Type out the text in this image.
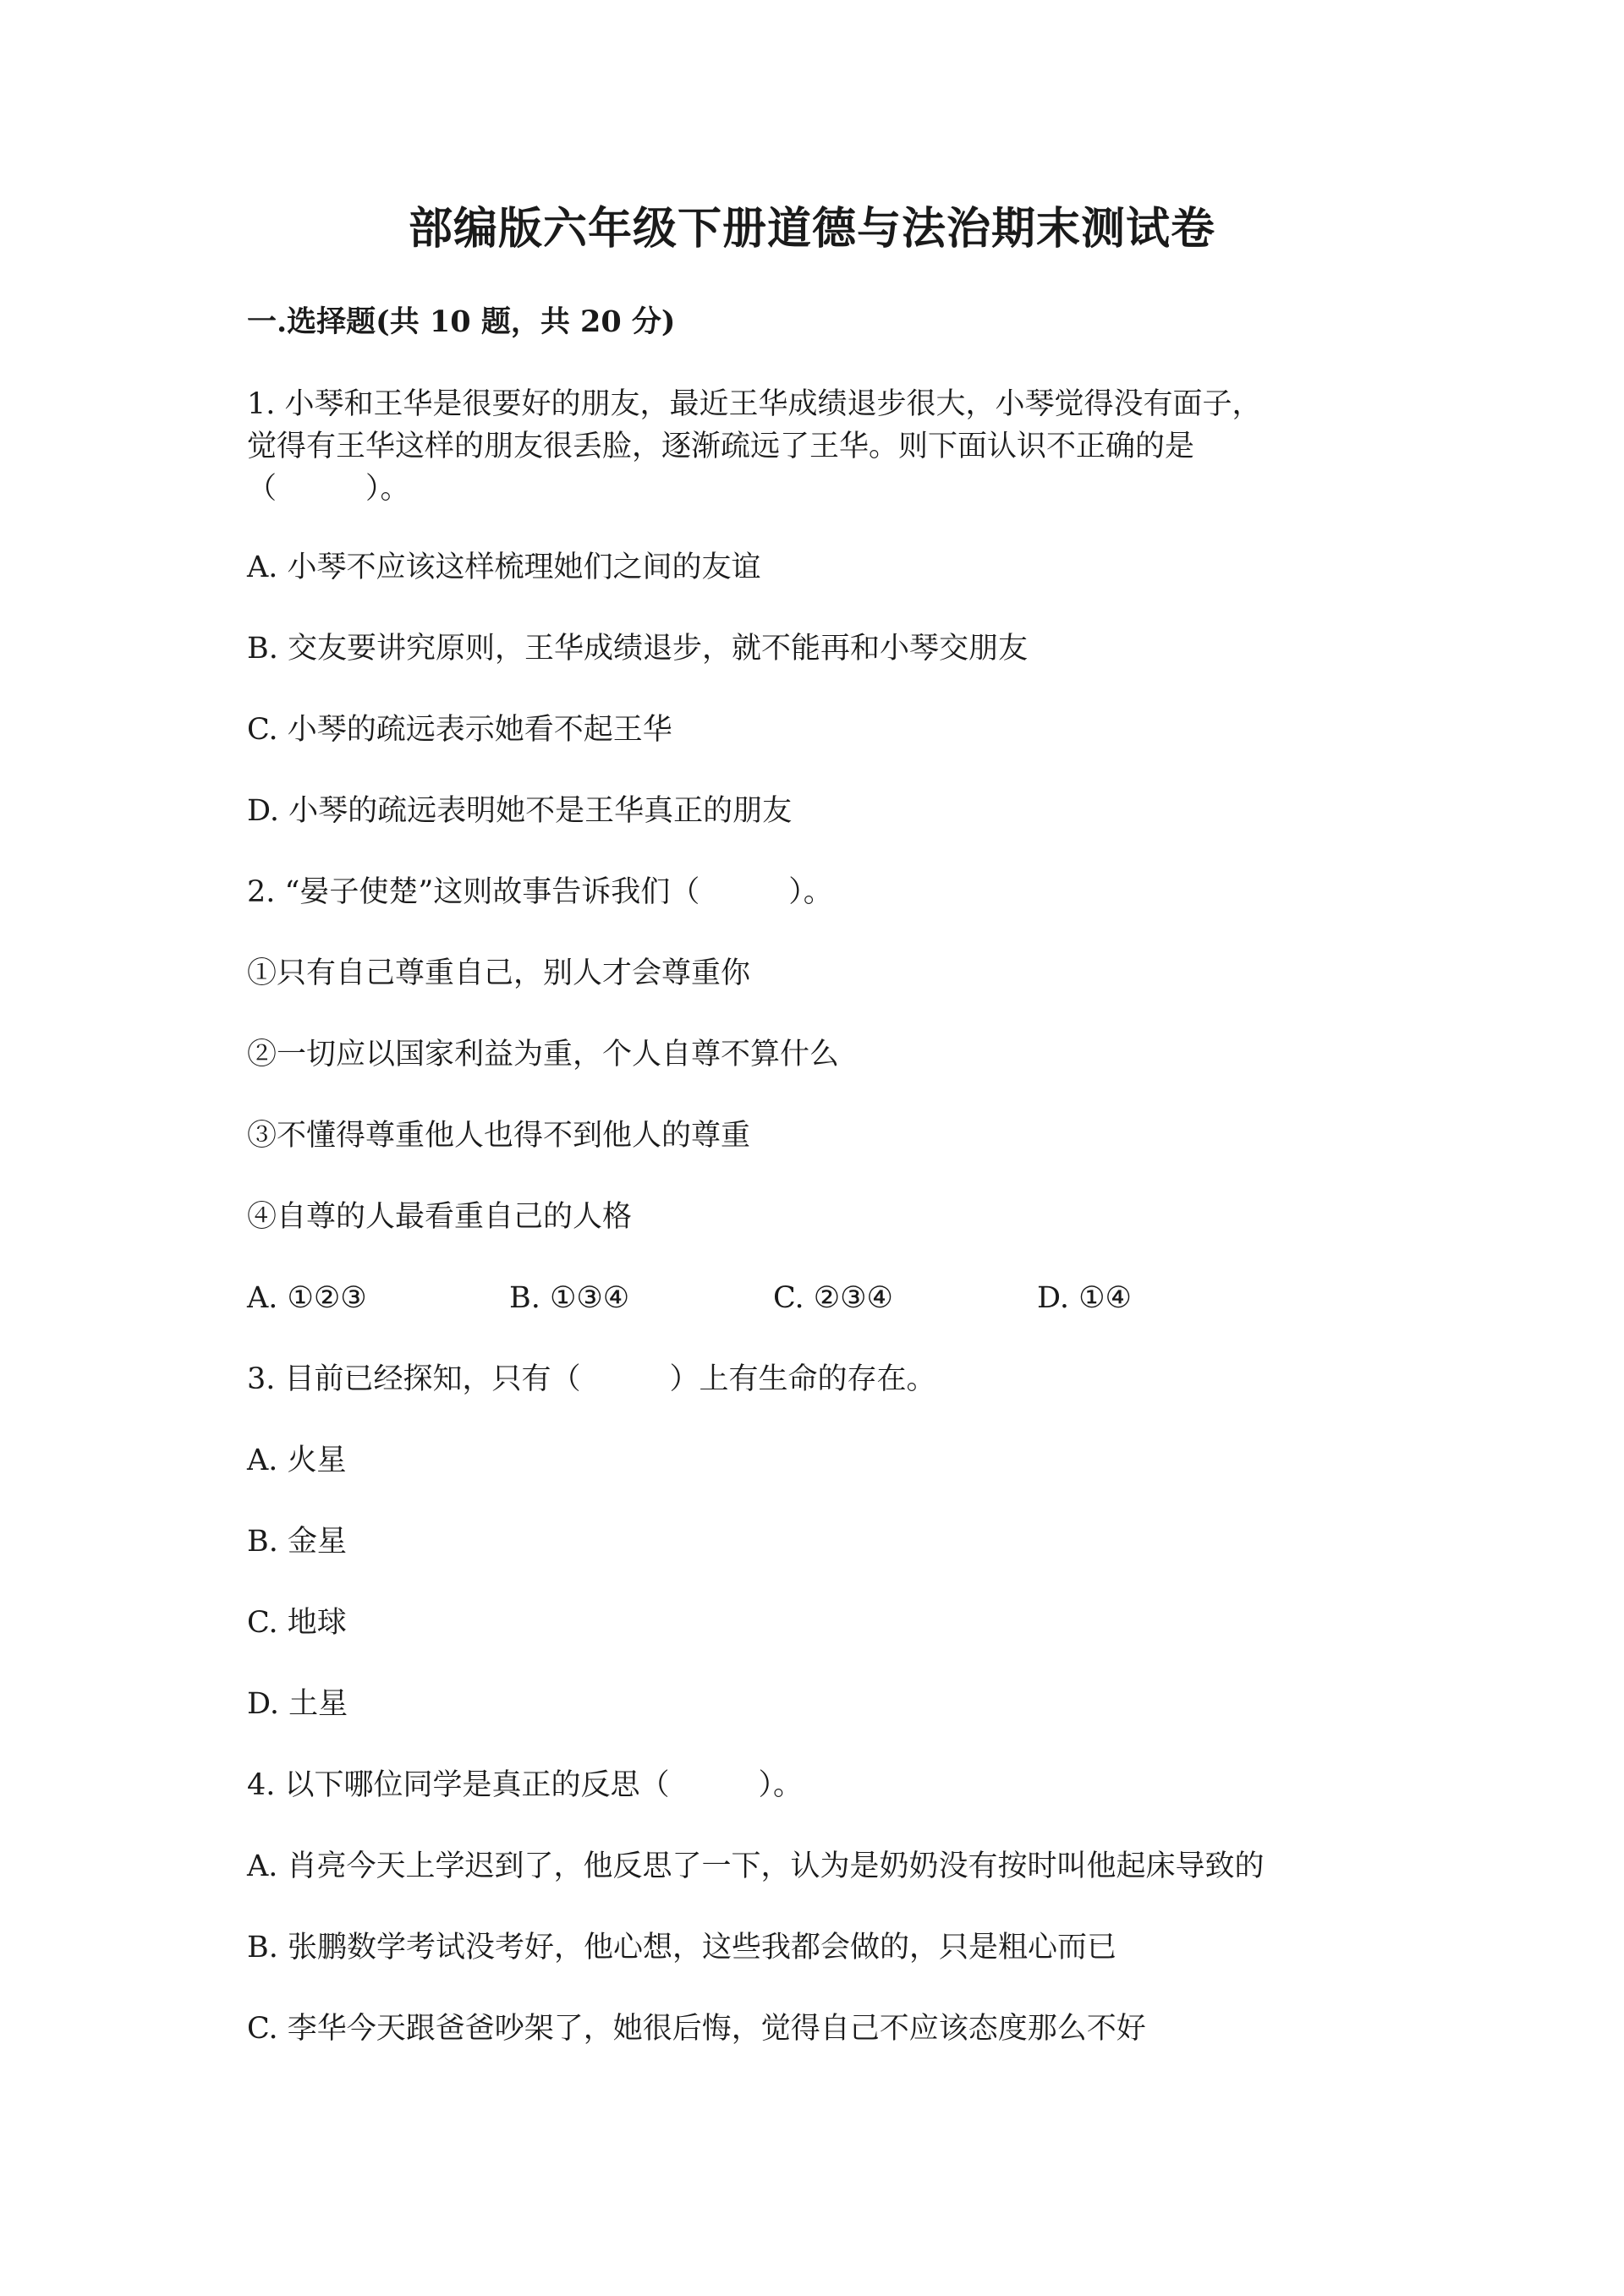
部编版六年级下册道德与法治期末测试卷
一.选择题(共 10 题，共 20 分)
1. 小琴和王华是很要好的朋友，最近王华成绩退步很大，小琴觉得没有面子，
觉得有王华这样的朋友很丢脸，逐渐疏远了王华。则下面认识不正确的是
（　　　）。
A. 小琴不应该这样梳理她们之间的友谊
B. 交友要讲究原则，王华成绩退步，就不能再和小琴交朋友
C. 小琴的疏远表示她看不起王华
D. 小琴的疏远表明她不是王华真正的朋友
2. “晏子使楚”这则故事告诉我们（　　　）。
①只有自己尊重自己，别人才会尊重你
②一切应以国家利益为重，个人自尊不算什么
③不懂得尊重他人也得不到他人的尊重
④自尊的人最看重自己的人格
A. ①②③	B. ①③④	C. ②③④	D. ①④
3. 目前已经探知，只有（　　　）上有生命的存在。
A. 火星
B. 金星
C. 地球
D. 土星
4. 以下哪位同学是真正的反思（　　　）。
A. 肖亮今天上学迟到了，他反思了一下，认为是奶奶没有按时叫他起床导致的
B. 张鹏数学考试没考好，他心想，这些我都会做的，只是粗心而已
C. 李华今天跟爸爸吵架了，她很后悔，觉得自己不应该态度那么不好
